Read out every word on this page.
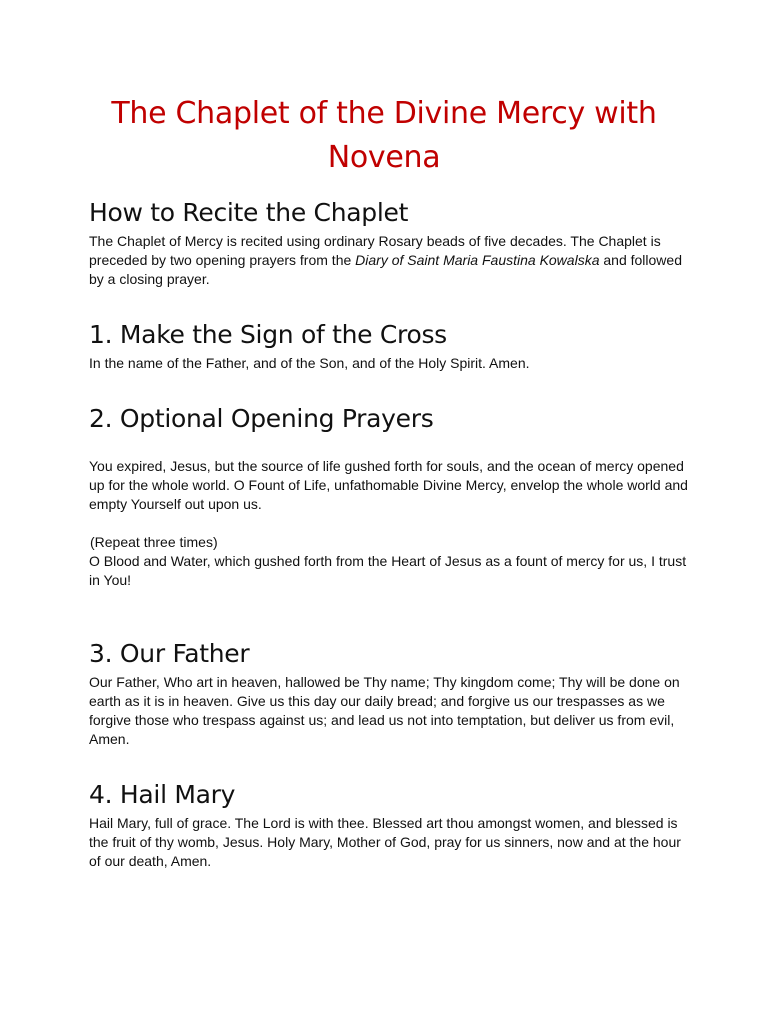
The Chaplet of the Divine Mercy with Novena
How to Recite the Chaplet

The Chaplet of Mercy is recited using ordinary Rosary beads of five decades. The Chaplet is preceded by two opening prayers from the Diary of Saint Maria Faustina Kowalska and followed by a closing prayer.

1. Make the Sign of the Cross

In the name of the Father, and of the Son, and of the Holy Spirit. Amen.

2. Optional Opening Prayers

You expired, Jesus, but the source of life gushed forth for souls, and the ocean of mercy opened up for the whole world. O Fount of Life, unfathomable Divine Mercy, envelop the whole world and empty Yourself out upon us.

(Repeat three times)

O Blood and Water, which gushed forth from the Heart of Jesus as a fount of mercy for us, I trust in You!

3. Our Father

Our Father, Who art in heaven, hallowed be Thy name; Thy kingdom come; Thy will be done on earth as it is in heaven. Give us this day our daily bread; and forgive us our trespasses as we forgive those who trespass against us; and lead us not into temptation, but deliver us from evil, Amen.

4. Hail Mary

Hail Mary, full of grace. The Lord is with thee. Blessed art thou amongst women, and blessed is the fruit of thy womb, Jesus. Holy Mary, Mother of God, pray for us sinners, now and at the hour of our death, Amen.
